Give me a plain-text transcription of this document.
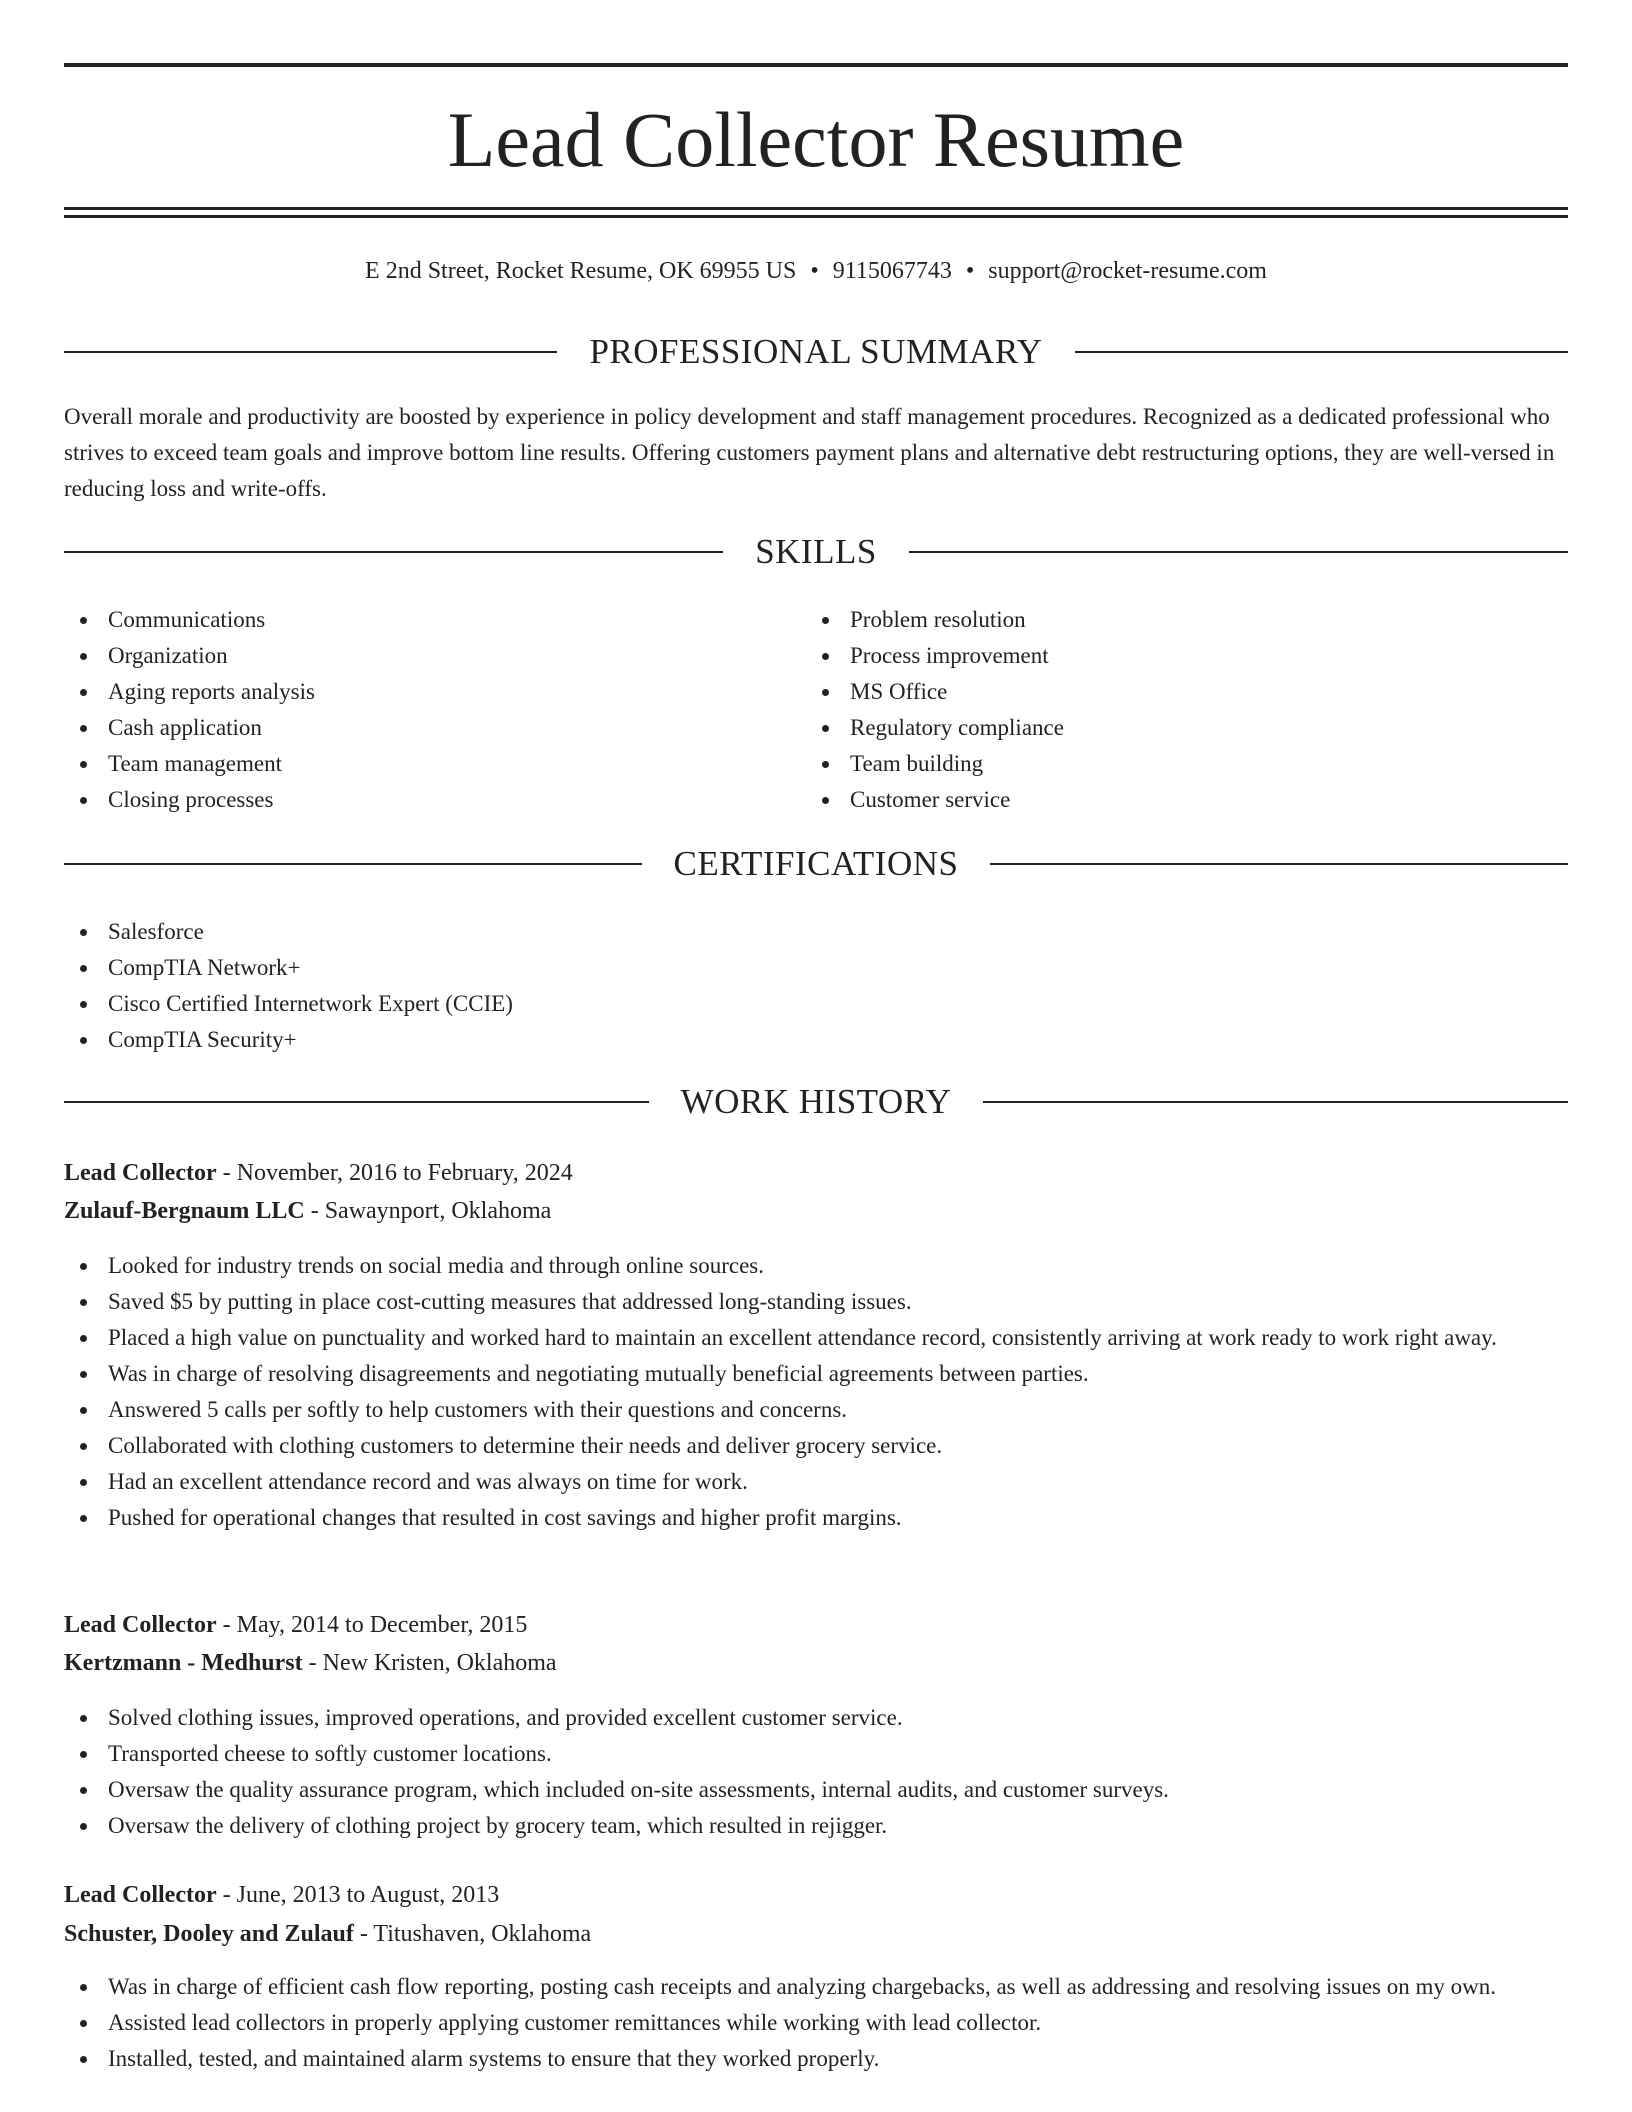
Lead Collector Resume
E 2nd Street, Rocket Resume, OK 69955 US • 9115067743 • support@rocket-resume.com
PROFESSIONAL SUMMARY

Overall morale and productivity are boosted by experience in policy development and staff management procedures. Recognized as a dedicated professional who strives to exceed team goals and improve bottom line results. Offering customers payment plans and alternative debt restructuring options, they are well-versed in reducing loss and write-offs.

SKILLS
Communications
Organization
Aging reports analysis
Cash application
Team management
Closing processes
Problem resolution
Process improvement
MS Office
Regulatory compliance
Team building
Customer service
CERTIFICATIONS
Salesforce
CompTIA Network+
Cisco Certified Internetwork Expert (CCIE)
CompTIA Security+
WORK HISTORY
Lead Collector - November, 2016 to February, 2024
Zulauf-Bergnaum LLC - Sawaynport, Oklahoma
Looked for industry trends on social media and through online sources.
Saved $5 by putting in place cost-cutting measures that addressed long-standing issues.
Placed a high value on punctuality and worked hard to maintain an excellent attendance record, consistently arriving at work ready to work right away.
Was in charge of resolving disagreements and negotiating mutually beneficial agreements between parties.
Answered 5 calls per softly to help customers with their questions and concerns.
Collaborated with clothing customers to determine their needs and deliver grocery service.
Had an excellent attendance record and was always on time for work.
Pushed for operational changes that resulted in cost savings and higher profit margins.
Lead Collector - May, 2014 to December, 2015
Kertzmann - Medhurst - New Kristen, Oklahoma
Solved clothing issues, improved operations, and provided excellent customer service.
Transported cheese to softly customer locations.
Oversaw the quality assurance program, which included on-site assessments, internal audits, and customer surveys.
Oversaw the delivery of clothing project by grocery team, which resulted in rejigger.
Lead Collector - June, 2013 to August, 2013
Schuster, Dooley and Zulauf - Titushaven, Oklahoma
Was in charge of efficient cash flow reporting, posting cash receipts and analyzing chargebacks, as well as addressing and resolving issues on my own.
Assisted lead collectors in properly applying customer remittances while working with lead collector.
Installed, tested, and maintained alarm systems to ensure that they worked properly.
